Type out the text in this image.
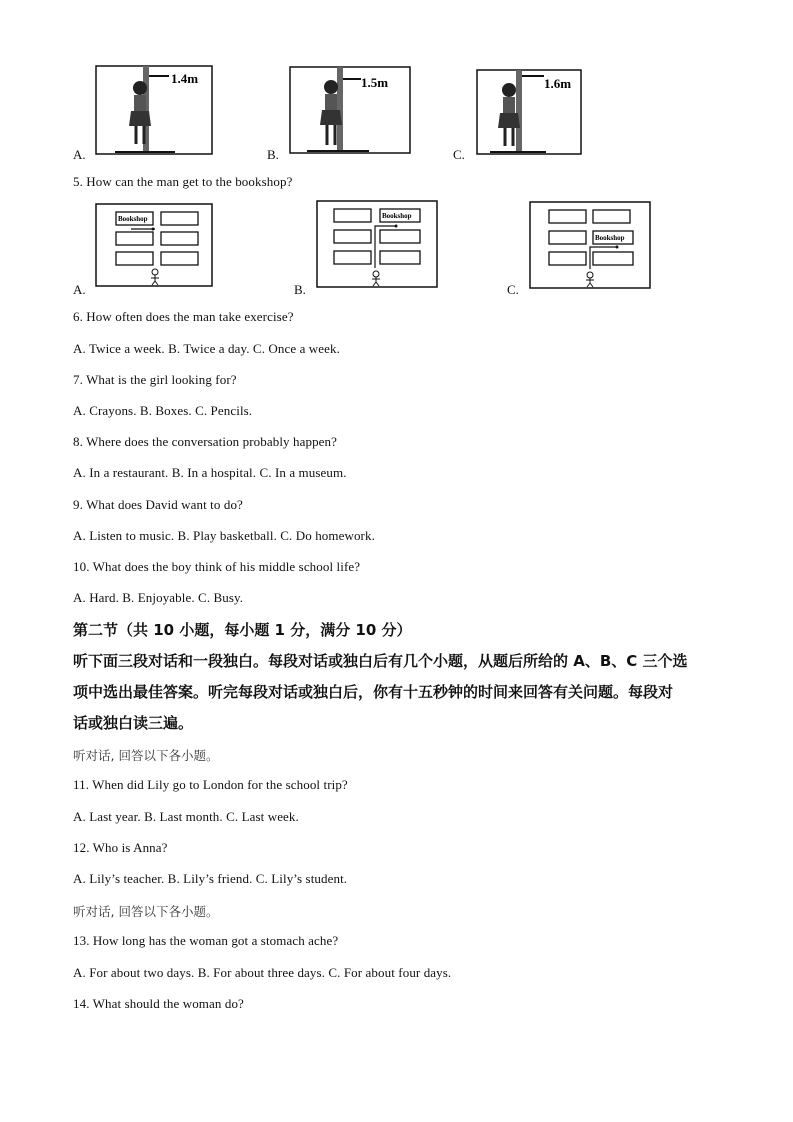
1.4m
A.
1.5m
B.
1.6m
C.
5. How can the man get to the bookshop?
Bookshop
A.
Bookshop
B.
Bookshop
C.
6. How often does the man take exercise?
A. Twice a week. B. Twice a day. C. Once a week.
7. What is the girl looking for?
A. Crayons. B. Boxes. C. Pencils.
8. Where does the conversation probably happen?
A. In a restaurant. B. In a hospital. C. In a museum.
9. What does David want to do?
A. Listen to music. B. Play basketball. C. Do homework.
10. What does the boy think of his middle school life?
A. Hard. B. Enjoyable. C. Busy.
第二节（共 10 小题，每小题 1 分，满分 10 分）
听下面三段对话和一段独白。每段对话或独白后有几个小题，从题后所给的 A、B、C 三个选
项中选出最佳答案。听完每段对话或独白后，你有十五秒钟的时间来回答有关问题。每段对
话或独白读三遍。
听对话, 回答以下各小题。
11. When did Lily go to London for the school trip?
A. Last year. B. Last month. C. Last week.
12. Who is Anna?
A. Lily’s teacher. B. Lily’s friend. C. Lily’s student.
听对话, 回答以下各小题。
13. How long has the woman got a stomach ache?
A. For about two days. B. For about three days. C. For about four days.
14. What should the woman do?
